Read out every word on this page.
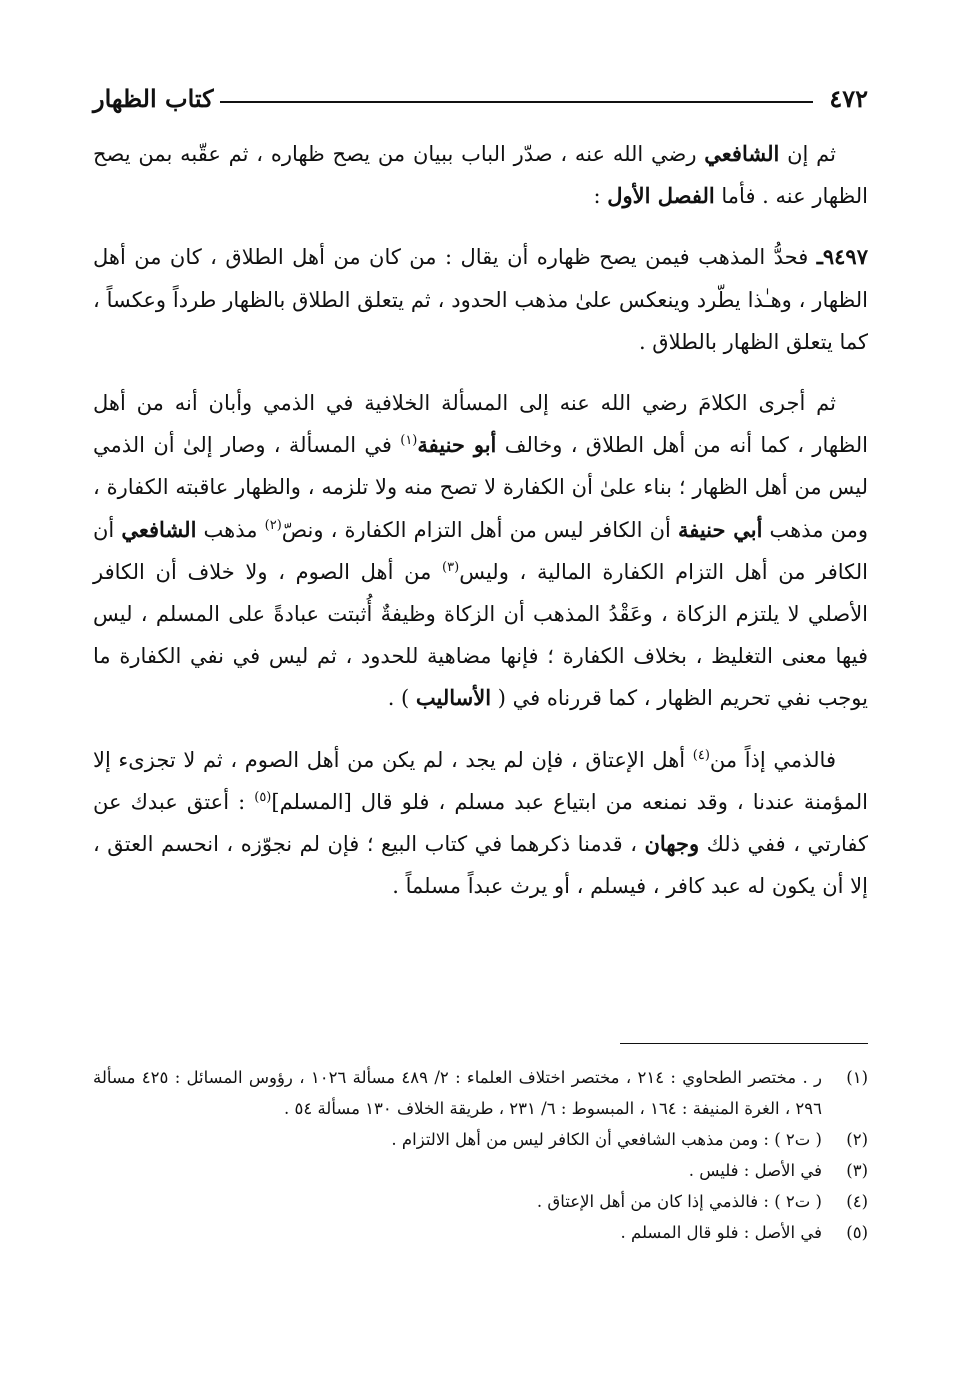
٤٧٢
كتاب الظهار

ثم إن الشافعي رضي الله عنه ، صدّر الباب ببيان من يصح ظهاره ، ثم عقّبه بمن يصح الظهار عنه . فأما الفصل الأول :

٩٤٩٧ـ فحدُّ المذهب فيمن يصح ظهاره أن يقال : من كان من أهل الطلاق ، كان من أهل الظهار ، وهـٰذا يطّرد وينعكس علىٰ مذهب الحدود ، ثم يتعلق الطلاق بالظهار طرداً وعكساً ، كما يتعلق الظهار بالطلاق .

ثم أجرى الكلامَ رضي الله عنه إلى المسألة الخلافية في الذمي وأبان أنه من أهل الظهار ، كما أنه من أهل الطلاق ، وخالف أبو حنيفة$^{(١)}$ في المسألة ، وصار إلىٰ أن الذمي ليس من أهل الظهار ؛ بناء علىٰ أن الكفارة لا تصح منه ولا تلزمه ، والظهار عاقبته الكفارة ، ومن مذهب أبي حنيفة أن الكافر ليس من أهل التزام الكفارة ، ونصّ$^{(٢)}$ مذهب الشافعي أن الكافر من أهل التزام الكفارة المالية ، وليس$^{(٣)}$ من أهل الصوم ، ولا خلاف أن الكافر الأصلي لا يلتزم الزكاة ، وعَقْدُ المذهب أن الزكاة وظيفةٌ أُثبتت عبادةً على المسلم ، ليس فيها معنى التغليظ ، بخلاف الكفارة ؛ فإنها مضاهية للحدود ، ثم ليس في نفي الكفارة ما يوجب نفي تحريم الظهار ، كما قررناه في ( الأساليب ) .

فالذمي إذاً من$^{(٤)}$ أهل الإعتاق ، فإن لم يجد ، لم يكن من أهل الصوم ، ثم لا تجزىء إلا المؤمنة عندنا ، وقد نمنعه من ابتياع عبد مسلم ، فلو قال [المسلم]$^{(٥)}$ : أعتق عبدك عن كفارتي ، ففي ذلك وجهان ، قدمنا ذكرهما في كتاب البيع ؛ فإن لم نجوّزه ، انحسم العتق ، إلا أن يكون له عبد كافر ، فيسلم ، أو يرث عبداً مسلماً .

(١)
ر . مختصر الطحاوي : ٢١٤ ، مختصر اختلاف العلماء : ٢/ ٤٨٩ مسألة ١٠٢٦ ، رؤوس المسائل : ٤٢٥ مسألة ٢٩٦ ، الغرة المنيفة : ١٦٤ ، المبسوط : ٦/ ٢٣١ ، طريقة الخلاف ١٣٠ مسألة ٥٤ .
(٢)
( ت٢ ) : ومن مذهب الشافعي أن الكافر ليس من أهل الالتزام .
(٣)
في الأصل : فليس .
(٤)
( ت٢ ) : فالذمي إذا كان من أهل الإعتاق .
(٥)
في الأصل : فلو قال المسلم .
